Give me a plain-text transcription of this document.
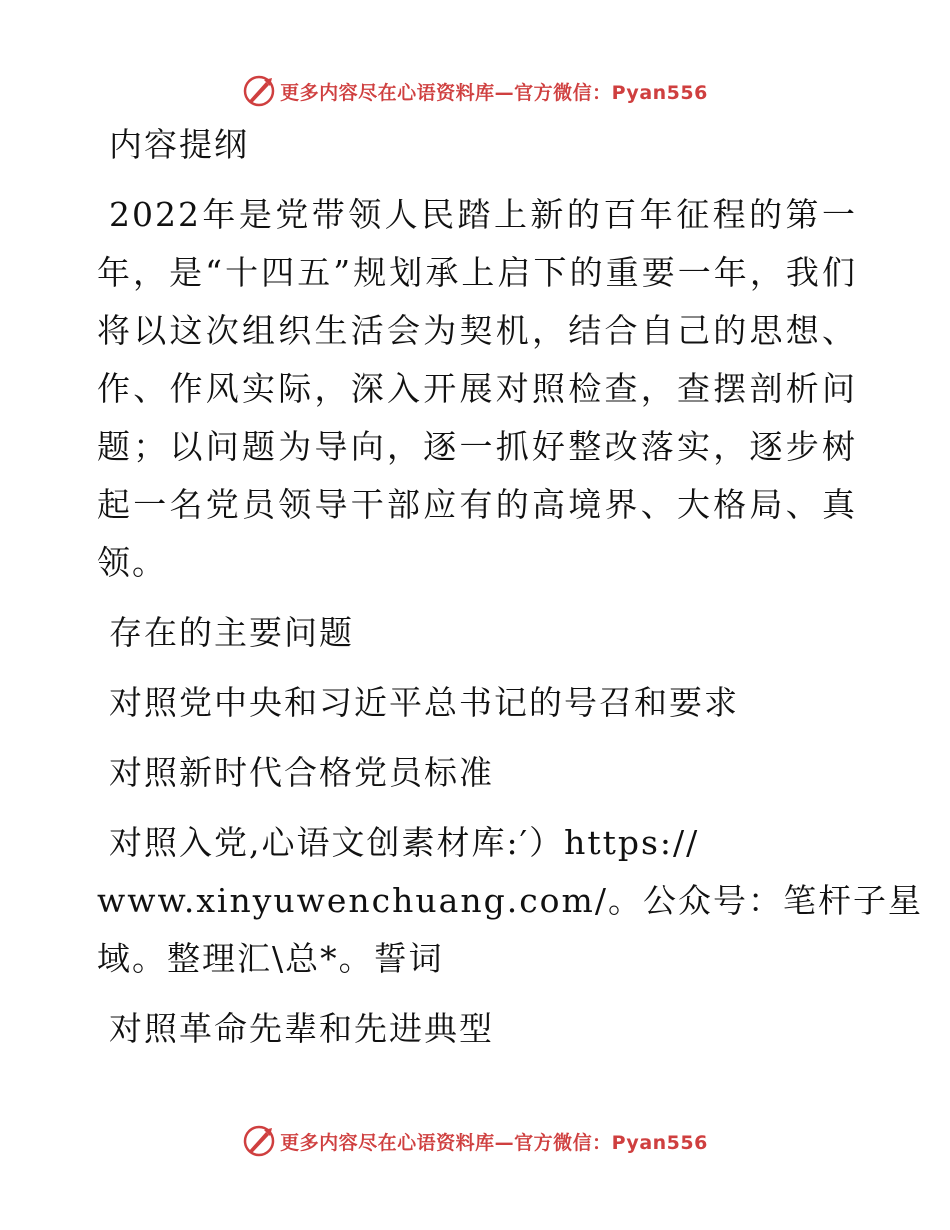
更多内容尽在心语资料库—官方微信：Pyan556
内容提纲
2022年是党带领人民踏上新的百年征程的第一
年，是“十四五”规划承上启下的重要一年，我们
将以这次组织生活会为契机，结合自己的思想、
作、作风实际，深入开展对照检查，查摆剖析问
题；以问题为导向，逐一抓好整改落实，逐步树
起一名党员领导干部应有的高境界、大格局、真
领。
存在的主要问题
对照党中央和习近平总书记的号召和要求
对照新时代合格党员标准
对照入党,心语文创素材库:′）https://
www.xinyuwenchuang.com/。公众号：笔杆子星
域。整理汇\总*。誓词
对照革命先辈和先进典型
更多内容尽在心语资料库—官方微信：Pyan556
